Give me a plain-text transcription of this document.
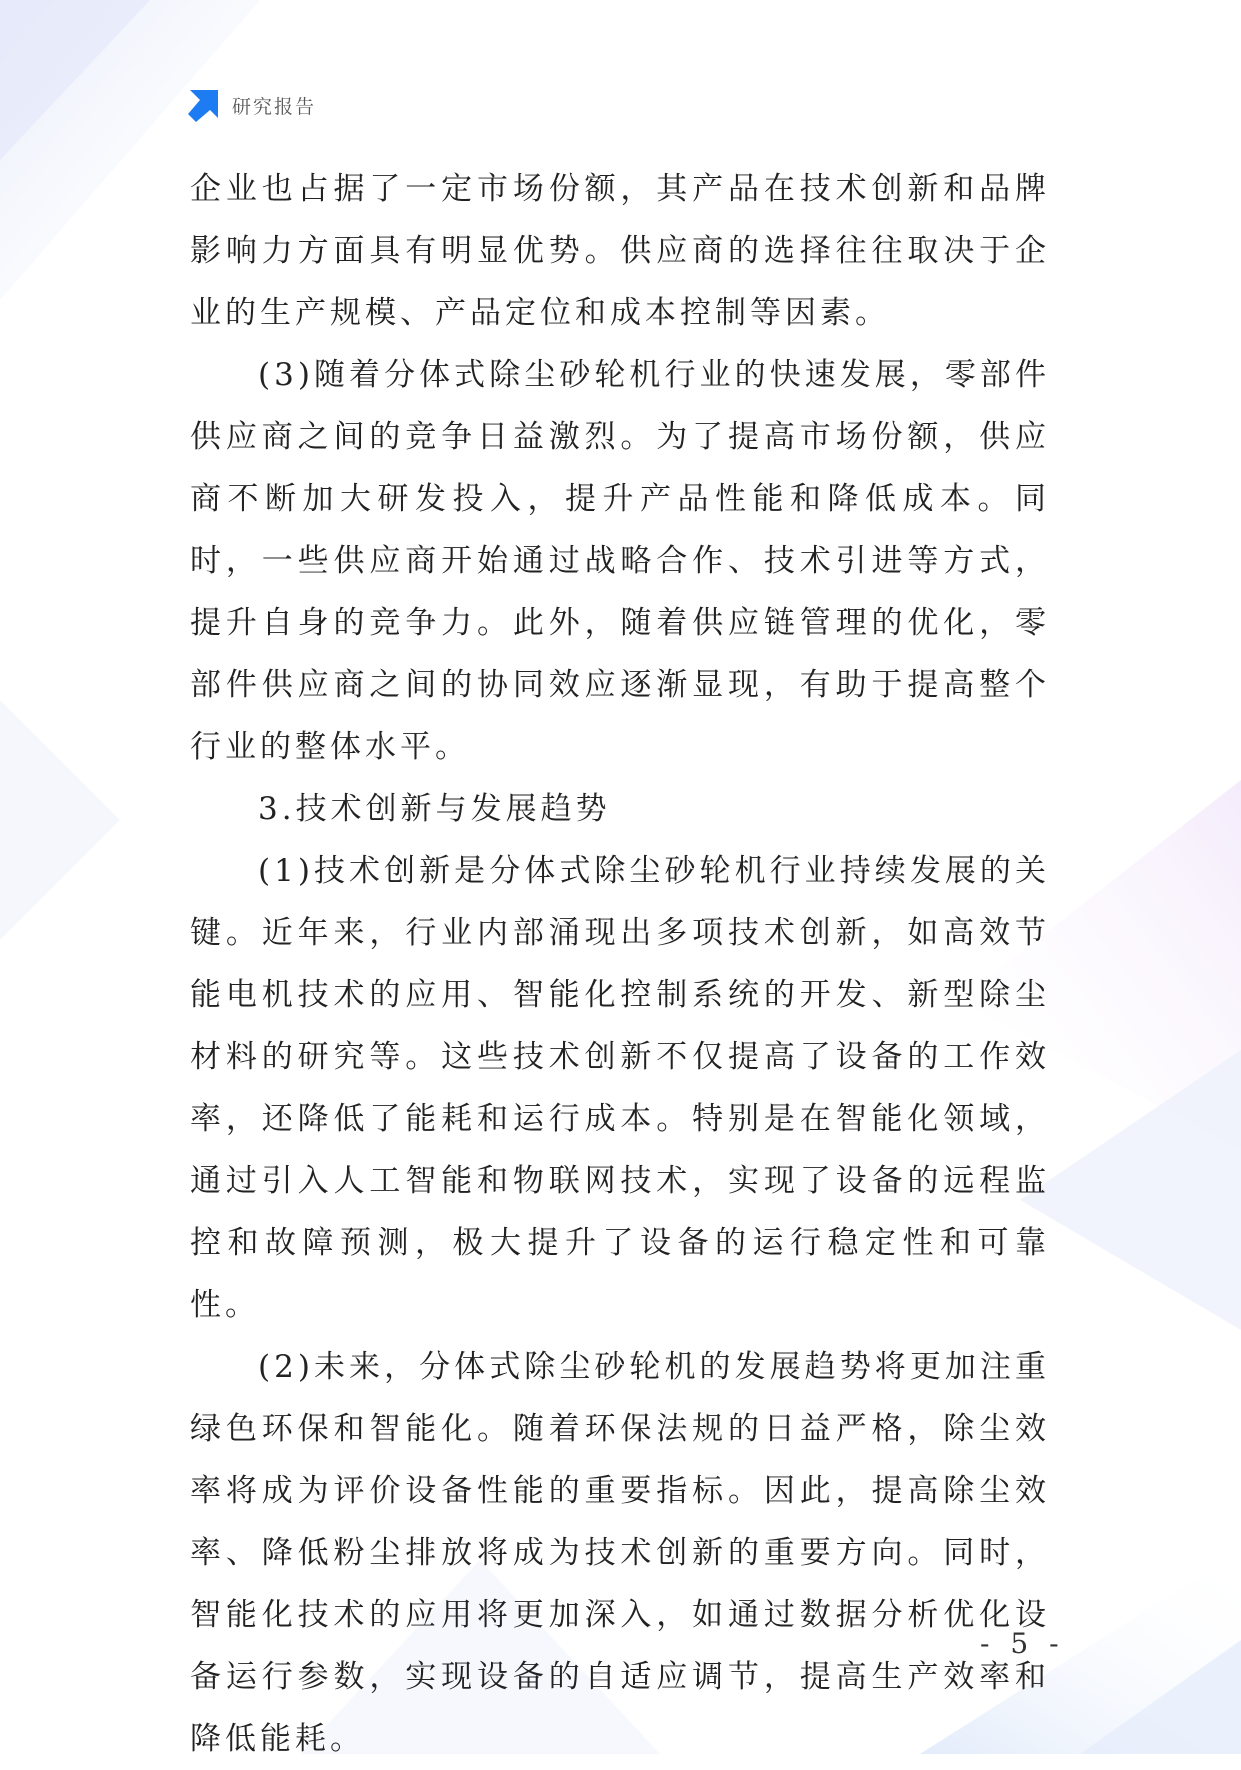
研究报告

企业也占据了一定市场份额，其产品在技术创新和品牌影响力方面具有明显优势。供应商的选择往往取决于企业的生产规模、产品定位和成本控制等因素。

(3)随着分体式除尘砂轮机行业的快速发展，零部件供应商之间的竞争日益激烈。为了提高市场份额，供应商不断加大研发投入，提升产品性能和降低成本。同时，一些供应商开始通过战略合作、技术引进等方式，提升自身的竞争力。此外，随着供应链管理的优化，零部件供应商之间的协同效应逐渐显现，有助于提高整个行业的整体水平。

3.技术创新与发展趋势

(1)技术创新是分体式除尘砂轮机行业持续发展的关键。近年来，行业内部涌现出多项技术创新，如高效节能电机技术的应用、智能化控制系统的开发、新型除尘材料的研究等。这些技术创新不仅提高了设备的工作效率，还降低了能耗和运行成本。特别是在智能化领域，通过引入人工智能和物联网技术，实现了设备的远程监控和故障预测，极大提升了设备的运行稳定性和可靠性。

(2)未来，分体式除尘砂轮机的发展趋势将更加注重绿色环保和智能化。随着环保法规的日益严格，除尘效率将成为评价设备性能的重要指标。因此，提高除尘效率、降低粉尘排放将成为技术创新的重要方向。同时，智能化技术的应用将更加深入，如通过数据分析优化设备运行参数，实现设备的自适应调节，提高生产效率和降低能耗。

- 5 -
